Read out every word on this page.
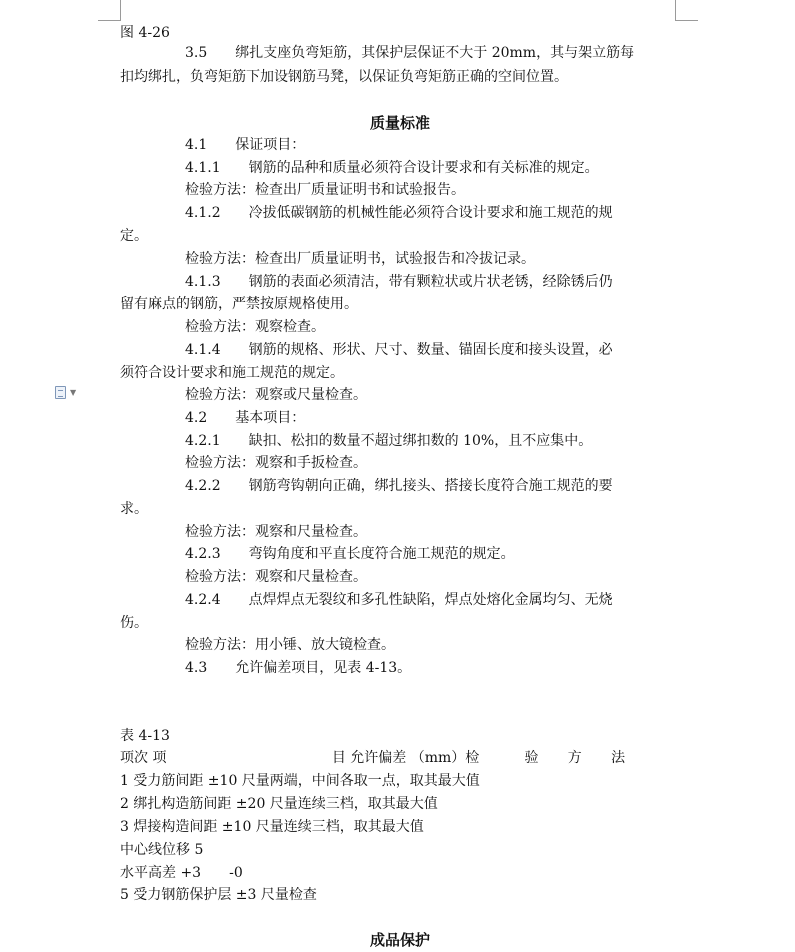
▼
图 4-26
3.5　　绑扎支座负弯矩筋，其保护层保证不大于 20mm，其与架立筋每
扣均绑扎，负弯矩筋下加设钢筋马凳，以保证负弯矩筋正确的空间位置。
质量标准
4.1　　保证项目：
4.1.1　　钢筋的品种和质量必须符合设计要求和有关标准的规定。
检验方法：检查出厂质量证明书和试验报告。
4.1.2　　冷拔低碳钢筋的机械性能必须符合设计要求和施工规范的规
定。
检验方法：检查出厂质量证明书，试验报告和冷拔记录。
4.1.3　　钢筋的表面必须清洁，带有颗粒状或片状老锈，经除锈后仍
留有麻点的钢筋，严禁按原规格使用。
检验方法：观察检查。
4.1.4　　钢筋的规格、形状、尺寸、数量、锚固长度和接头设置，必
须符合设计要求和施工规范的规定。
检验方法：观察或尺量检查。
4.2　　基本项目：
4.2.1　　缺扣、松扣的数量不超过绑扣数的 10%，且不应集中。
检验方法：观察和手扳检查。
4.2.2　　钢筋弯钩朝向正确，绑扎接头、搭接长度符合施工规范的要
求。
检验方法：观察和尺量检查。
4.2.3　　弯钩角度和平直长度符合施工规范的规定。
检验方法：观察和尺量检查。
4.2.4　　点焊焊点无裂纹和多孔性缺陷，焊点处熔化金属均匀、无烧
伤。
检验方法：用小锤、放大镜检查。
4.3　　允许偏差项目，见表 4-13。
表 4-13
项次 项	目 允许偏差 （mm）检	验	方	法
1 受力筋间距 ±10 尺量两端，中间各取一点，取其最大值
2 绑扎构造筋间距 ±20 尺量连续三档，取其最大值
3 焊接构造间距 ±10 尺量连续三档，取其最大值
中心线位移 5
水平高差 +3　　-0
5 受力钢筋保护层 ±3 尺量检查
成品保护
